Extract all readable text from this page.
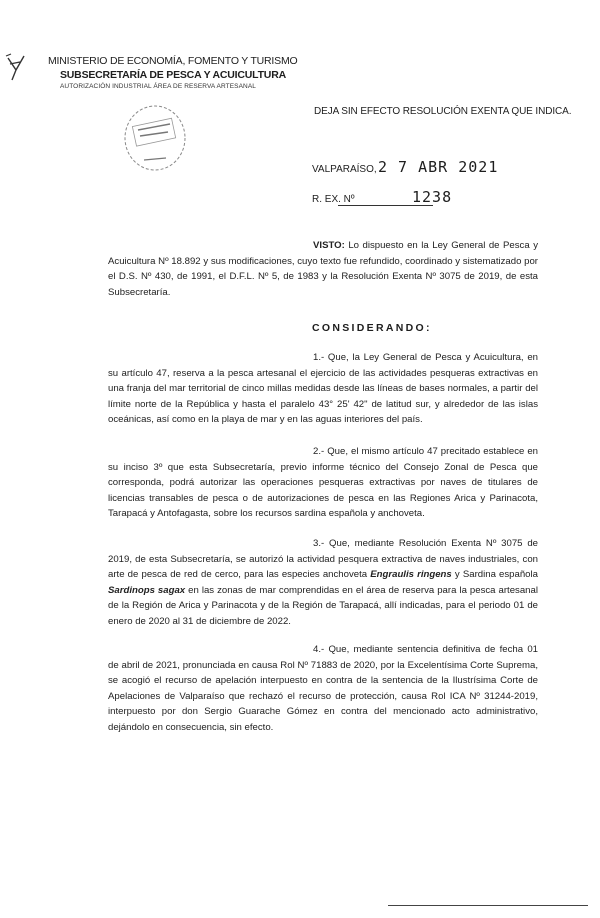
MINISTERIO DE ECONOMÍA, FOMENTO Y TURISMO
SUBSECRETARÍA DE PESCA Y ACUICULTURA
AUTORIZACIÓN INDUSTRIAL ÁREA DE RESERVA ARTESANAL
DEJA SIN EFECTO RESOLUCIÓN EXENTA QUE INDICA.
VALPARAÍSO, 2 7 ABR 2021
R. EX. Nº	1238

VISTO: Lo dispuesto en la Ley General de Pesca y Acuicultura Nº 18.892 y sus modificaciones, cuyo texto fue refundido, coordinado y sistematizado por el D.S. Nº 430, de 1991, el D.F.L. Nº 5, de 1983 y la Resolución Exenta Nº 3075 de 2019, de esta Subsecretaría.

CONSIDERANDO:

1.- Que, la Ley General de Pesca y Acuicultura, en su artículo 47, reserva a la pesca artesanal el ejercicio de las actividades pesqueras extractivas en una franja del mar territorial de cinco millas medidas desde las líneas de bases normales, a partir del límite norte de la República y hasta el paralelo 43° 25' 42" de latitud sur, y alrededor de las islas oceánicas, así como en la playa de mar y en las aguas interiores del país.

2.- Que, el mismo artículo 47 precitado establece en su inciso 3º que esta Subsecretaría, previo informe técnico del Consejo Zonal de Pesca que corresponda, podrá autorizar las operaciones pesqueras extractivas por naves de titulares de licencias transables de pesca o de autorizaciones de pesca en las Regiones Arica y Parinacota, Tarapacá y Antofagasta, sobre los recursos sardina española y anchoveta.

3.- Que, mediante Resolución Exenta Nº 3075 de 2019, de esta Subsecretaría, se autorizó la actividad pesquera extractiva de naves industriales, con arte de pesca de red de cerco, para las especies anchoveta Engraulis ringens y Sardina española Sardinops sagax en las zonas de mar comprendidas en el área de reserva para la pesca artesanal de la Región de Arica y Parinacota y de la Región de Tarapacá, allí indicadas, para el periodo 01 de enero de 2020 al 31 de diciembre de 2022.

4.- Que, mediante sentencia definitiva de fecha 01 de abril de 2021, pronunciada en causa Rol Nº 71883 de 2020, por la Excelentísima Corte Suprema, se acogió el recurso de apelación interpuesto en contra de la sentencia de la Ilustrísima Corte de Apelaciones de Valparaíso que rechazó el recurso de protección, causa Rol ICA Nº 31244-2019, interpuesto por don Sergio Guarache Gómez en contra del mencionado acto administrativo, dejándolo en consecuencia, sin efecto.
